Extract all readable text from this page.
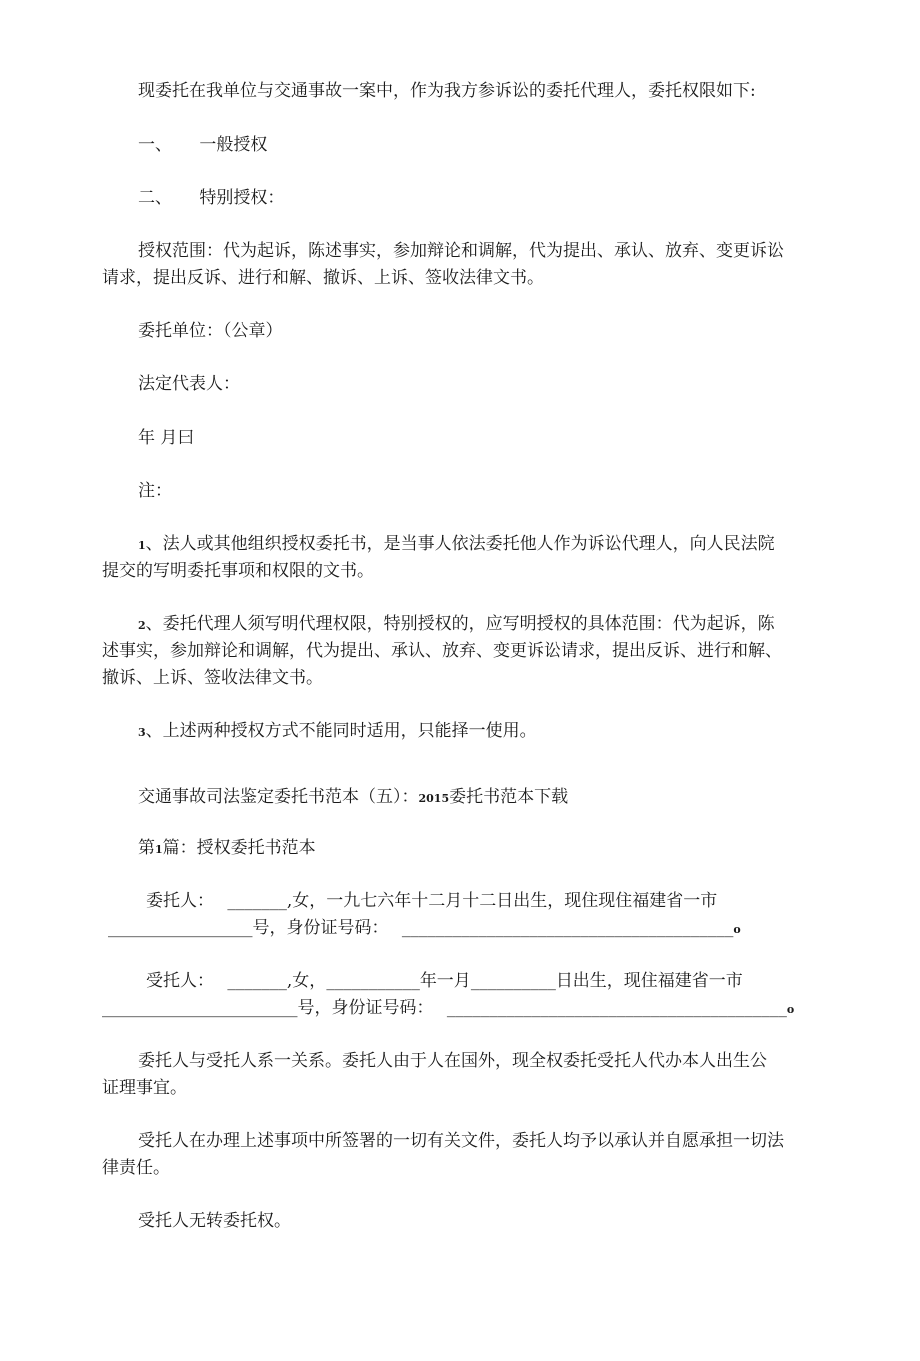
现委托在我单位与交通事故一案中，作为我方参诉讼的委托代理人，委托权限如下:
一、 一般授权
二、 特别授权：
授权范围：代为起诉，陈述事实，参加辩论和调解，代为提出、承认、放弃、变更诉讼
请求，提出反诉、进行和解、撤诉、上诉、签收法律文书。
委托单位：（公章）
法定代表人：
年 月曰
注：
1、法人或其他组织授权委托书，是当事人依法委托他人作为诉讼代理人，向人民法院
提交的写明委托事项和权限的文书。
2、委托代理人须写明代理权限，特别授权的，应写明授权的具体范围：代为起诉，陈
述事实，参加辩论和调解，代为提出、承认、放弃、变更诉讼请求，提出反诉、进行和解、
撤诉、上诉、签收法律文书。
3、上述两种授权方式不能同时适用，只能择一使用。
交通事故司法鉴定委托书范本（五）：2015委托书范本下载
第1篇：授权委托书范本
委托人： _______,女，一九七六年十二月十二日出生，现住现住福建省一市
_________________号，身份证号码： _______________________________________o
受托人： _______,女，___________年一月__________日出生，现住福建省一市
_______________________号，身份证号码： ________________________________________o
委托人与受托人系一关系。委托人由于人在国外，现全权委托受托人代办本人出生公
证理事宜。
受托人在办理上述事项中所签署的一切有关文件，委托人均予以承认并自愿承担一切法
律责任。
受托人无转委托权。
